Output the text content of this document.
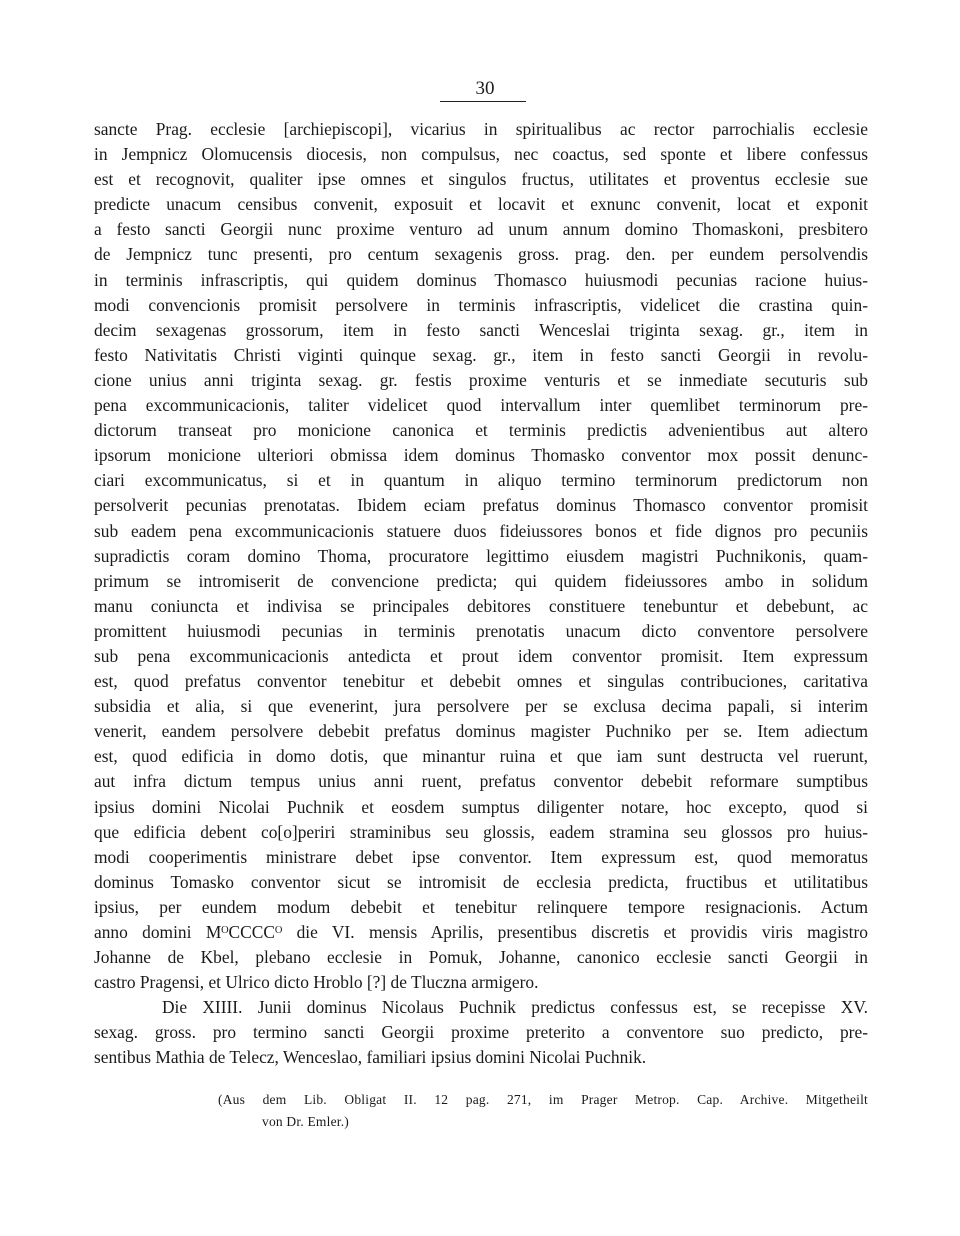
30
sancte Prag. ecclesie [archiepiscopi], vicarius in spiritualibus ac rector parrochialis ecclesie
in Jempnicz Olomucensis diocesis, non compulsus, nec coactus, sed sponte et libere confessus
est et recognovit, qualiter ipse omnes et singulos fructus, utilitates et proventus ecclesie sue
predicte unacum censibus convenit, exposuit et locavit et exnunc convenit, locat et exponit
a festo sancti Georgii nunc proxime venturo ad unum annum domino Thomaskoni, presbitero
de Jempnicz tunc presenti, pro centum sexagenis gross. prag. den. per eundem persolvendis
in terminis infrascriptis, qui quidem dominus Thomasco huiusmodi pecunias racione huius-
modi convencionis promisit persolvere in terminis infrascriptis, videlicet die crastina quin-
decim sexagenas grossorum, item in festo sancti Wenceslai triginta sexag. gr., item in
festo Nativitatis Christi viginti quinque sexag. gr., item in festo sancti Georgii in revolu-
cione unius anni triginta sexag. gr. festis proxime venturis et se inmediate secuturis sub
pena excommunicacionis, taliter videlicet quod intervallum inter quemlibet terminorum pre-
dictorum transeat pro monicione canonica et terminis predictis advenientibus aut altero
ipsorum monicione ulteriori obmissa idem dominus Thomasko conventor mox possit denunc-
ciari excommunicatus, si et in quantum in aliquo termino terminorum predictorum non
persolverit pecunias prenotatas. Ibidem eciam prefatus dominus Thomasco conventor promisit
sub eadem pena excommunicacionis statuere duos fideiussores bonos et fide dignos pro pecuniis
supradictis coram domino Thoma, procuratore legittimo eiusdem magistri Puchnikonis, quam-
primum se intromiserit de convencione predicta; qui quidem fideiussores ambo in solidum
manu coniuncta et indivisa se principales debitores constituere tenebuntur et debebunt, ac
promittent huiusmodi pecunias in terminis prenotatis unacum dicto conventore persolvere
sub pena excommunicacionis antedicta et prout idem conventor promisit. Item expressum
est, quod prefatus conventor tenebitur et debebit omnes et singulas contribuciones, caritativa
subsidia et alia, si que evenerint, jura persolvere per se exclusa decima papali, si interim
venerit, eandem persolvere debebit prefatus dominus magister Puchniko per se. Item adiectum
est, quod edificia in domo dotis, que minantur ruina et que iam sunt destructa vel ruerunt,
aut infra dictum tempus unius anni ruent, prefatus conventor debebit reformare sumptibus
ipsius domini Nicolai Puchnik et eosdem sumptus diligenter notare, hoc excepto, quod si
que edificia debent co[o]periri straminibus seu glossis, eadem stramina seu glossos pro huius-
modi cooperimentis ministrare debet ipse conventor. Item expressum est, quod memoratus
dominus Tomasko conventor sicut se intromisit de ecclesia predicta, fructibus et utilitatibus
ipsius, per eundem modum debebit et tenebitur relinquere tempore resignacionis. Actum
anno domini MᴼCCCCᴼ die VI. mensis Aprilis, presentibus discretis et providis viris magistro
Johanne de Kbel, plebano ecclesie in Pomuk, Johanne, canonico ecclesie sancti Georgii in
castro Pragensi, et Ulrico dicto Hroblo [?] de Tluczna armigero.
Die XIIII. Junii dominus Nicolaus Puchnik predictus confessus est, se recepisse XV.
sexag. gross. pro termino sancti Georgii proxime preterito a conventore suo predicto, pre-
sentibus Mathia de Telecz, Wenceslao, familiari ipsius domini Nicolai Puchnik.
(Aus dem Lib. Obligat II. 12 pag. 271, im Prager Metrop. Cap. Archive. Mitgetheilt
von Dr. Emler.)
